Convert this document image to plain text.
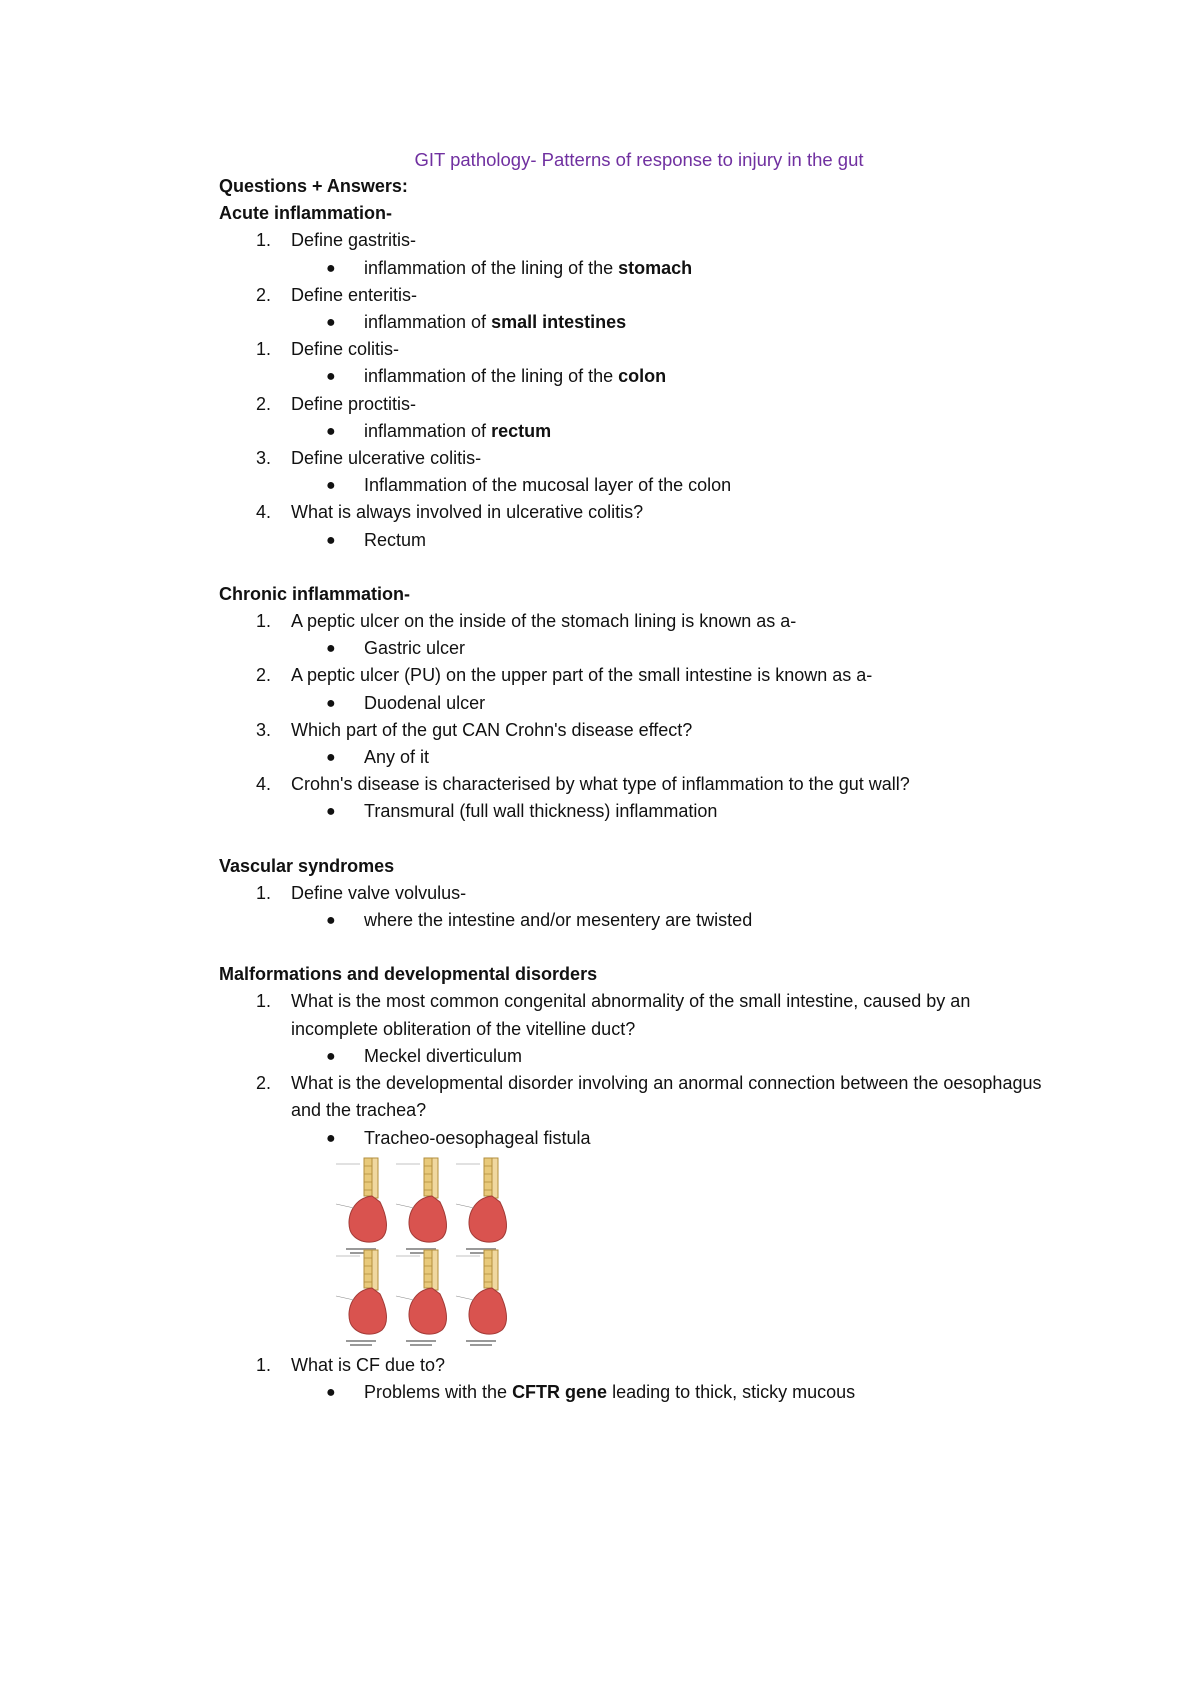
GIT pathology- Patterns of response to injury in the gut
Questions + Answers:
Acute inflammation-
1. Define gastritis-
● inflammation of the lining of the stomach
2. Define enteritis-
● inflammation of small intestines
1. Define colitis-
● inflammation of the lining of the colon
2. Define proctitis-
● inflammation of rectum
3. Define ulcerative colitis-
● Inflammation of the mucosal layer of the colon
4. What is always involved in ulcerative colitis?
● Rectum
Chronic inflammation-
1. A peptic ulcer on the inside of the stomach lining is known as a-
● Gastric ulcer
2. A peptic ulcer (PU) on the upper part of the small intestine is known as a-
● Duodenal ulcer
3. Which part of the gut CAN Crohn's disease effect?
● Any of it
4. Crohn's disease is characterised by what type of inflammation to the gut wall?
● Transmural (full wall thickness) inflammation
Vascular syndromes
1. Define valve volvulus-
● where the intestine and/or mesentery are twisted
Malformations and developmental disorders
1. What is the most common congenital abnormality of the small intestine, caused by an incomplete obliteration of the vitelline duct?
● Meckel diverticulum
2. What is the developmental disorder involving an anormal connection between the oesophagus and the trachea?
● Tracheo-oesophageal fistula
1. What is CF due to?
● Problems with the CFTR gene leading to thick, sticky mucous
